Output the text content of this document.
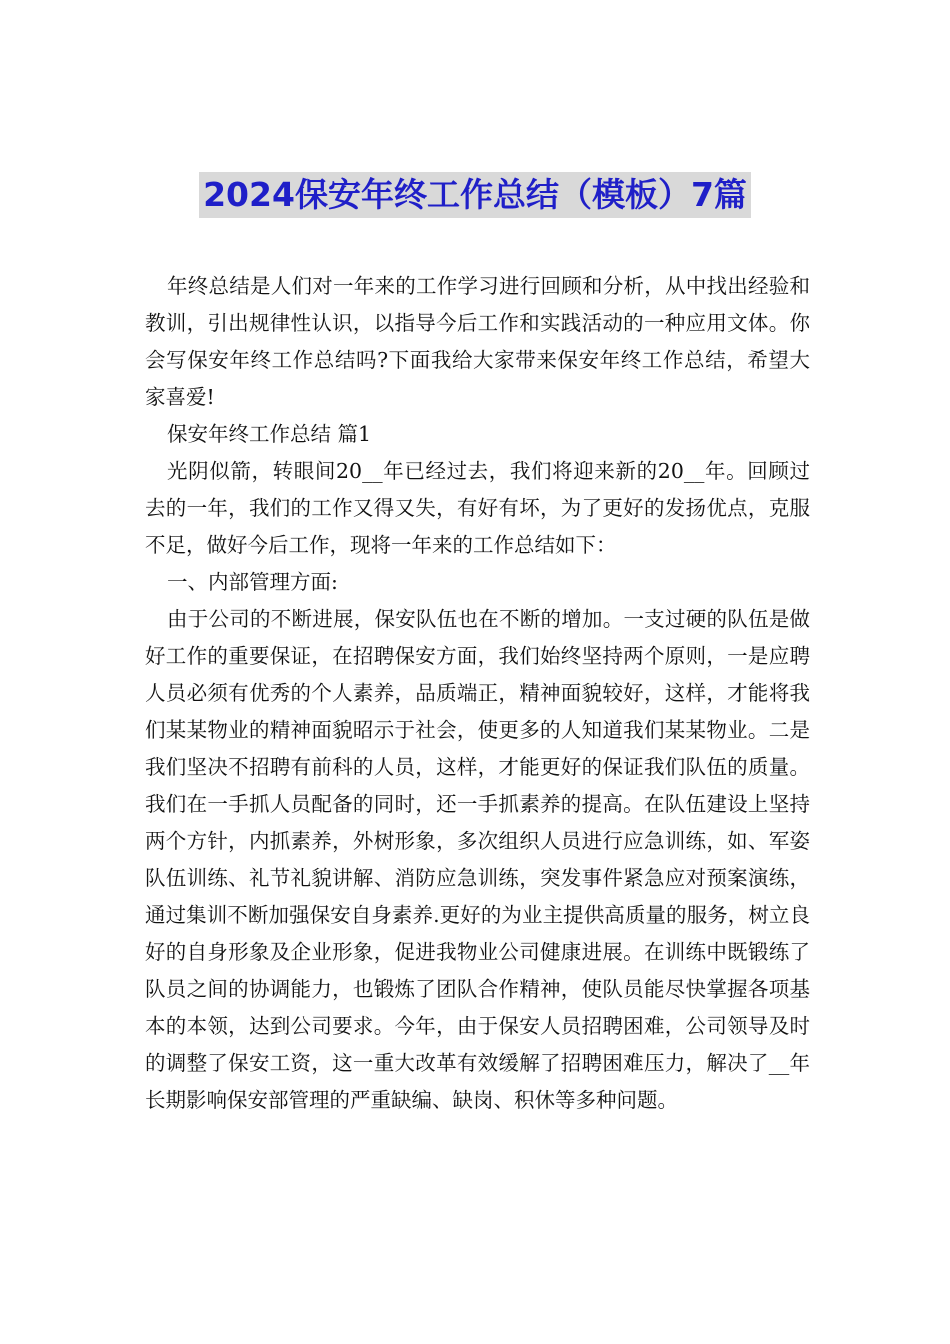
2024保安年终工作总结（模板）7篇

年终总结是人们对一年来的工作学习进行回顾和分析，从中找出经验和教训，引出规律性认识，以指导今后工作和实践活动的一种应用文体。你会写保安年终工作总结吗?下面我给大家带来保安年终工作总结，希望大家喜爱!

保安年终工作总结 篇1

光阴似箭，转眼间20__年已经过去，我们将迎来新的20__年。回顾过去的一年，我们的工作又得又失，有好有坏，为了更好的发扬优点，克服不足，做好今后工作，现将一年来的工作总结如下：

一、内部管理方面:

由于公司的不断进展，保安队伍也在不断的增加。一支过硬的队伍是做好工作的重要保证，在招聘保安方面，我们始终坚持两个原则，一是应聘人员必须有优秀的个人素养，品质端正，精神面貌较好，这样，才能将我们某某物业的精神面貌昭示于社会，使更多的人知道我们某某物业。二是我们坚决不招聘有前科的人员，这样，才能更好的保证我们队伍的质量。我们在一手抓人员配备的同时，还一手抓素养的提高。在队伍建设上坚持两个方针，内抓素养，外树形象，多次组织人员进行应急训练，如、军姿队伍训练、礼节礼貌讲解、消防应急训练，突发事件紧急应对预案演练，通过集训不断加强保安自身素养.更好的为业主提供高质量的服务，树立良好的自身形象及企业形象，促进我物业公司健康进展。在训练中既锻练了队员之间的协调能力，也锻炼了团队合作精神，使队员能尽快掌握各项基本的本领，达到公司要求。今年，由于保安人员招聘困难，公司领导及时的调整了保安工资，这一重大改革有效缓解了招聘困难压力，解决了__年长期影响保安部管理的严重缺编、缺岗、积休等多种问题。
